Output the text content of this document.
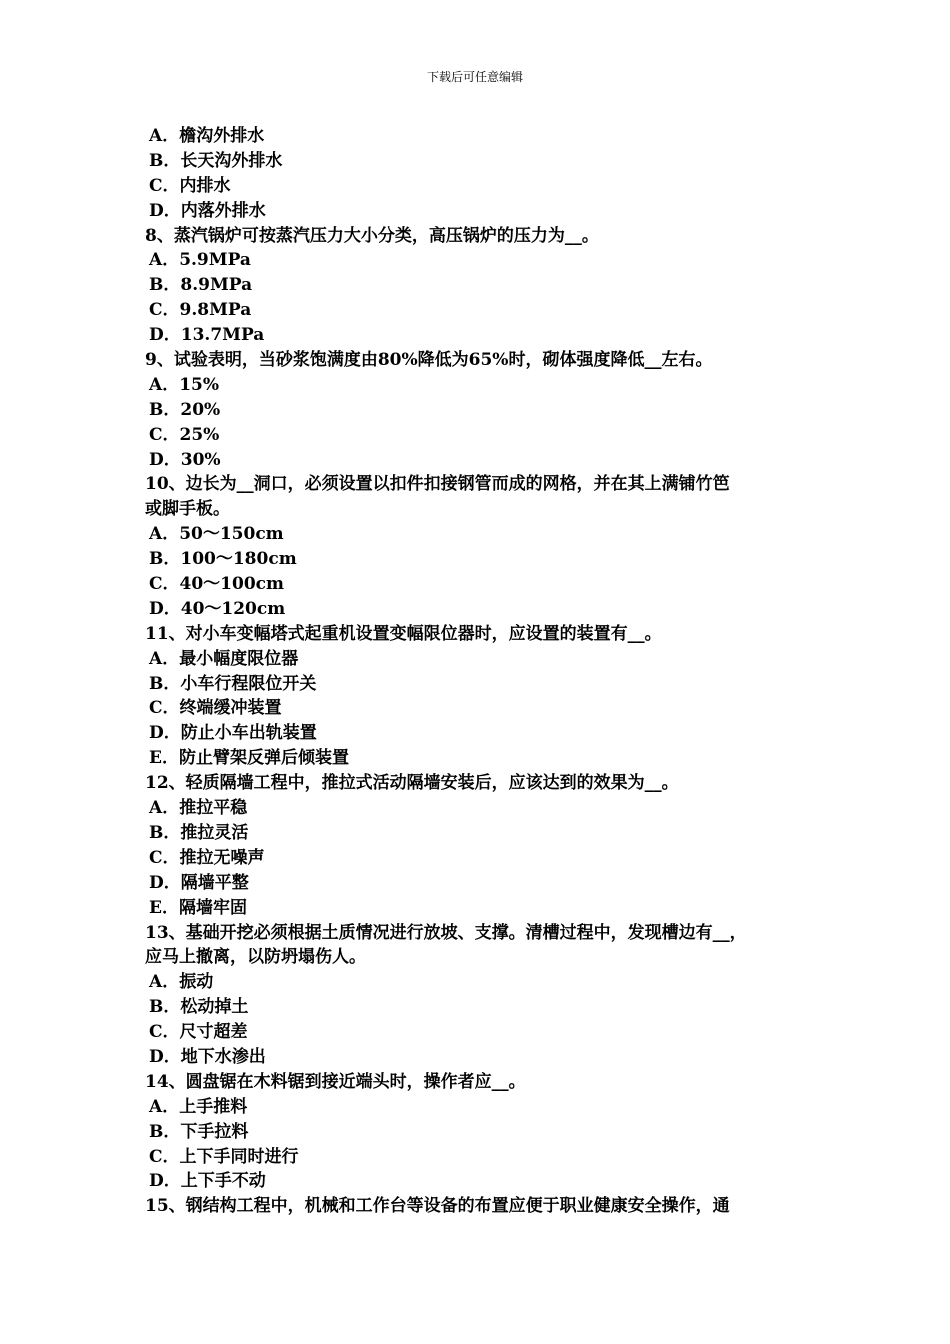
下载后可任意编辑
A．檐沟外排水
B．长天沟外排水
C．内排水
D．内落外排水
8、蒸汽锅炉可按蒸汽压力大小分类，高压锅炉的压力为__。
A．5.9MPa
B．8.9MPa
C．9.8MPa
D．13.7MPa
9、试验表明，当砂浆饱满度由80%降低为65%时，砌体强度降低__左右。
A．15%
B．20%
C．25%
D．30%
10、边长为__洞口，必须设置以扣件扣接钢管而成的网格，并在其上满铺竹笆
或脚手板。
A．50～150cm
B．100～180cm
C．40～100cm
D．40～120cm
11、对小车变幅塔式起重机设置变幅限位器时，应设置的装置有__。
A．最小幅度限位器
B．小车行程限位开关
C．终端缓冲装置
D．防止小车出轨装置
E．防止臂架反弹后倾装置
12、轻质隔墙工程中，推拉式活动隔墙安装后，应该达到的效果为__。
A．推拉平稳
B．推拉灵活
C．推拉无噪声
D．隔墙平整
E．隔墙牢固
13、基础开挖必须根据土质情况进行放坡、支撑。清槽过程中，发现槽边有__，
应马上撤离，以防坍塌伤人。
A．振动
B．松动掉土
C．尺寸超差
D．地下水渗出
14、圆盘锯在木料锯到接近端头时，操作者应__。
A．上手推料
B．下手拉料
C．上下手同时进行
D．上下手不动
15、钢结构工程中，机械和工作台等设备的布置应便于职业健康安全操作，通
